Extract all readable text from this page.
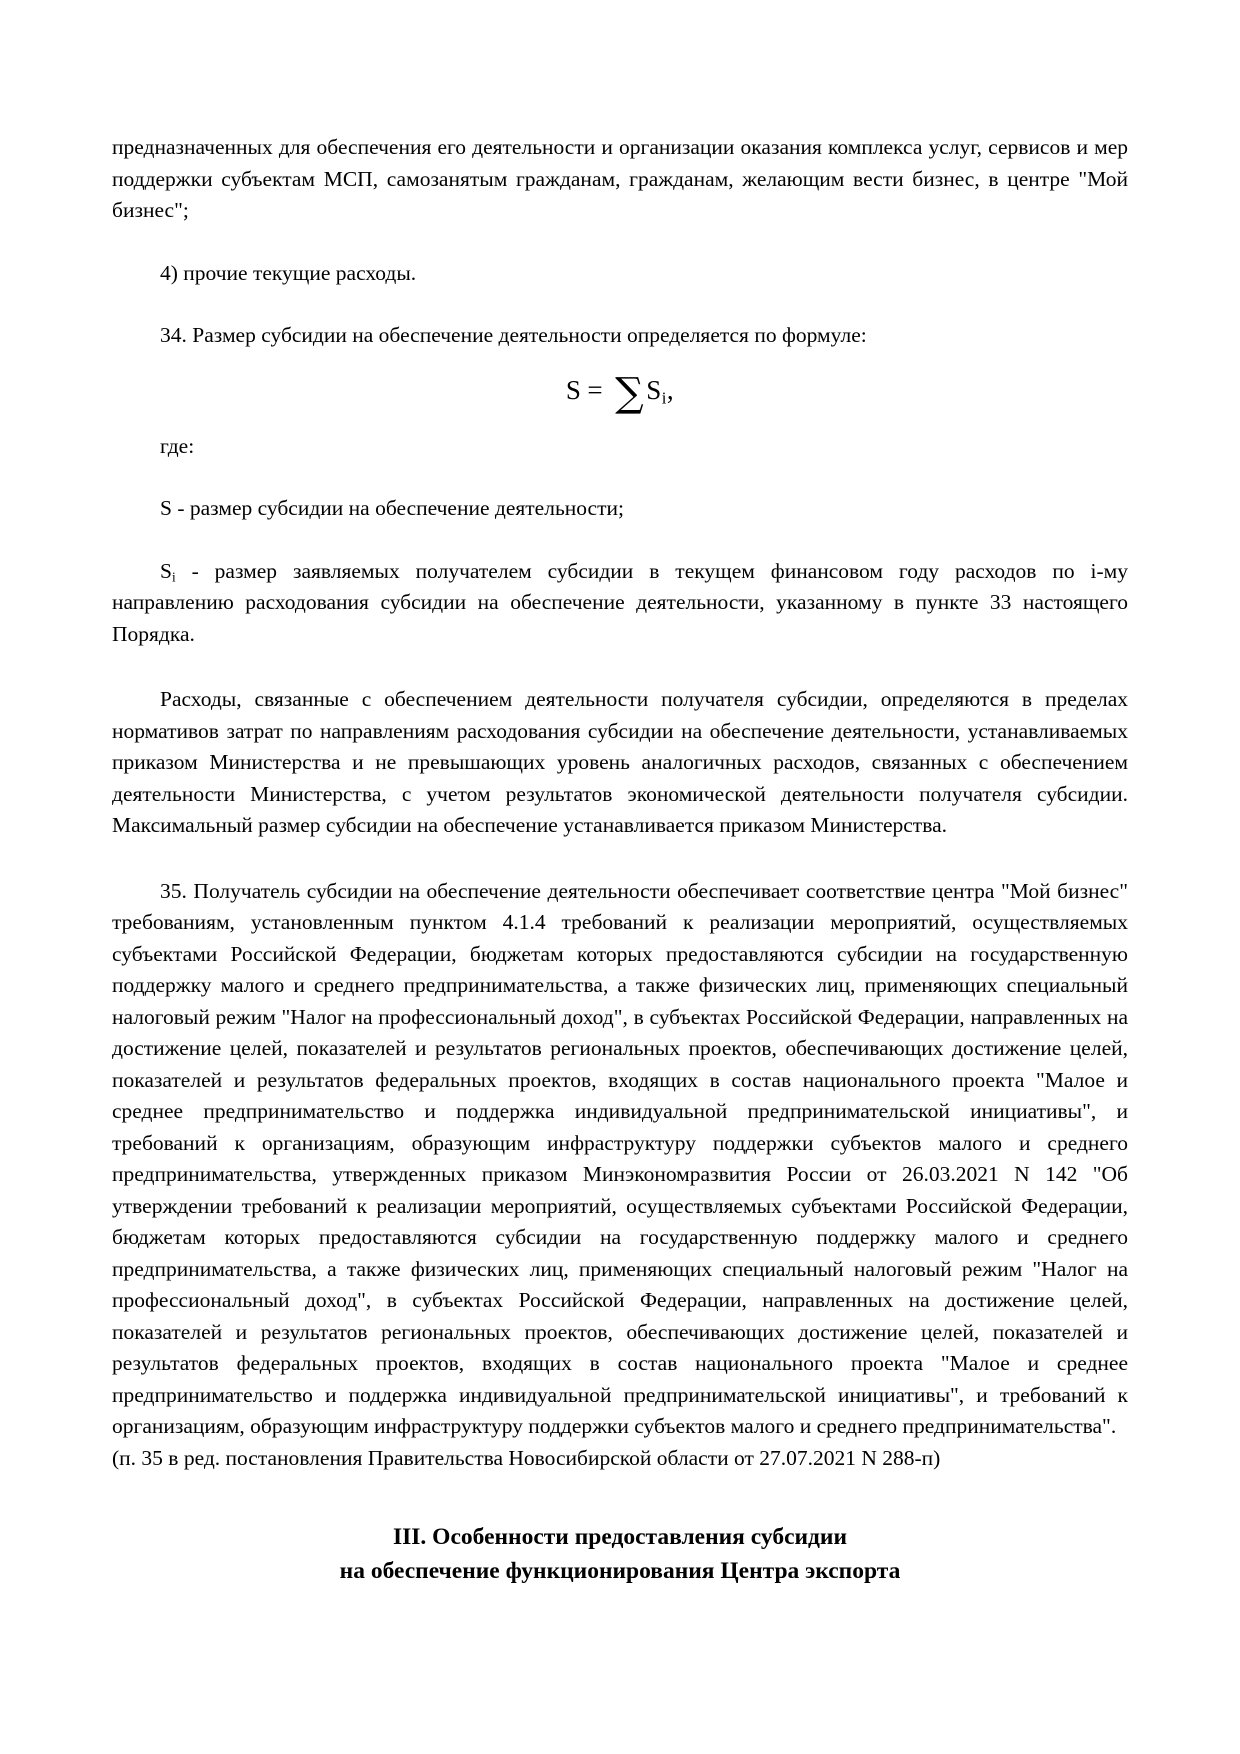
предназначенных для обеспечения его деятельности и организации оказания комплекса услуг, сервисов и мер поддержки субъектам МСП, самозанятым гражданам, гражданам, желающим вести бизнес, в центре "Мой бизнес";

4) прочие текущие расходы.

34. Размер субсидии на обеспечение деятельности определяется по формуле:

$S = \sum S_i$,

где:

S - размер субсидии на обеспечение деятельности;

$S_i$ - размер заявляемых получателем субсидии в текущем финансовом году расходов по i-му направлению расходования субсидии на обеспечение деятельности, указанному в пункте 33 настоящего Порядка.

Расходы, связанные с обеспечением деятельности получателя субсидии, определяются в пределах нормативов затрат по направлениям расходования субсидии на обеспечение деятельности, устанавливаемых приказом Министерства и не превышающих уровень аналогичных расходов, связанных с обеспечением деятельности Министерства, с учетом результатов экономической деятельности получателя субсидии. Максимальный размер субсидии на обеспечение устанавливается приказом Министерства.

35. Получатель субсидии на обеспечение деятельности обеспечивает соответствие центра "Мой бизнес" требованиям, установленным пунктом 4.1.4 требований к реализации мероприятий, осуществляемых субъектами Российской Федерации, бюджетам которых предоставляются субсидии на государственную поддержку малого и среднего предпринимательства, а также физических лиц, применяющих специальный налоговый режим "Налог на профессиональный доход", в субъектах Российской Федерации, направленных на достижение целей, показателей и результатов региональных проектов, обеспечивающих достижение целей, показателей и результатов федеральных проектов, входящих в состав национального проекта "Малое и среднее предпринимательство и поддержка индивидуальной предпринимательской инициативы", и требований к организациям, образующим инфраструктуру поддержки субъектов малого и среднего предпринимательства, утвержденных приказом Минэкономразвития России от 26.03.2021 N 142 "Об утверждении требований к реализации мероприятий, осуществляемых субъектами Российской Федерации, бюджетам которых предоставляются субсидии на государственную поддержку малого и среднего предпринимательства, а также физических лиц, применяющих специальный налоговый режим "Налог на профессиональный доход", в субъектах Российской Федерации, направленных на достижение целей, показателей и результатов региональных проектов, обеспечивающих достижение целей, показателей и результатов федеральных проектов, входящих в состав национального проекта "Малое и среднее предпринимательство и поддержка индивидуальной предпринимательской инициативы", и требований к организациям, образующим инфраструктуру поддержки субъектов малого и среднего предпринимательства".

(п. 35 в ред. постановления Правительства Новосибирской области от 27.07.2021 N 288-п)

III. Особенности предоставления субсидии
на обеспечение функционирования Центра экспорта
